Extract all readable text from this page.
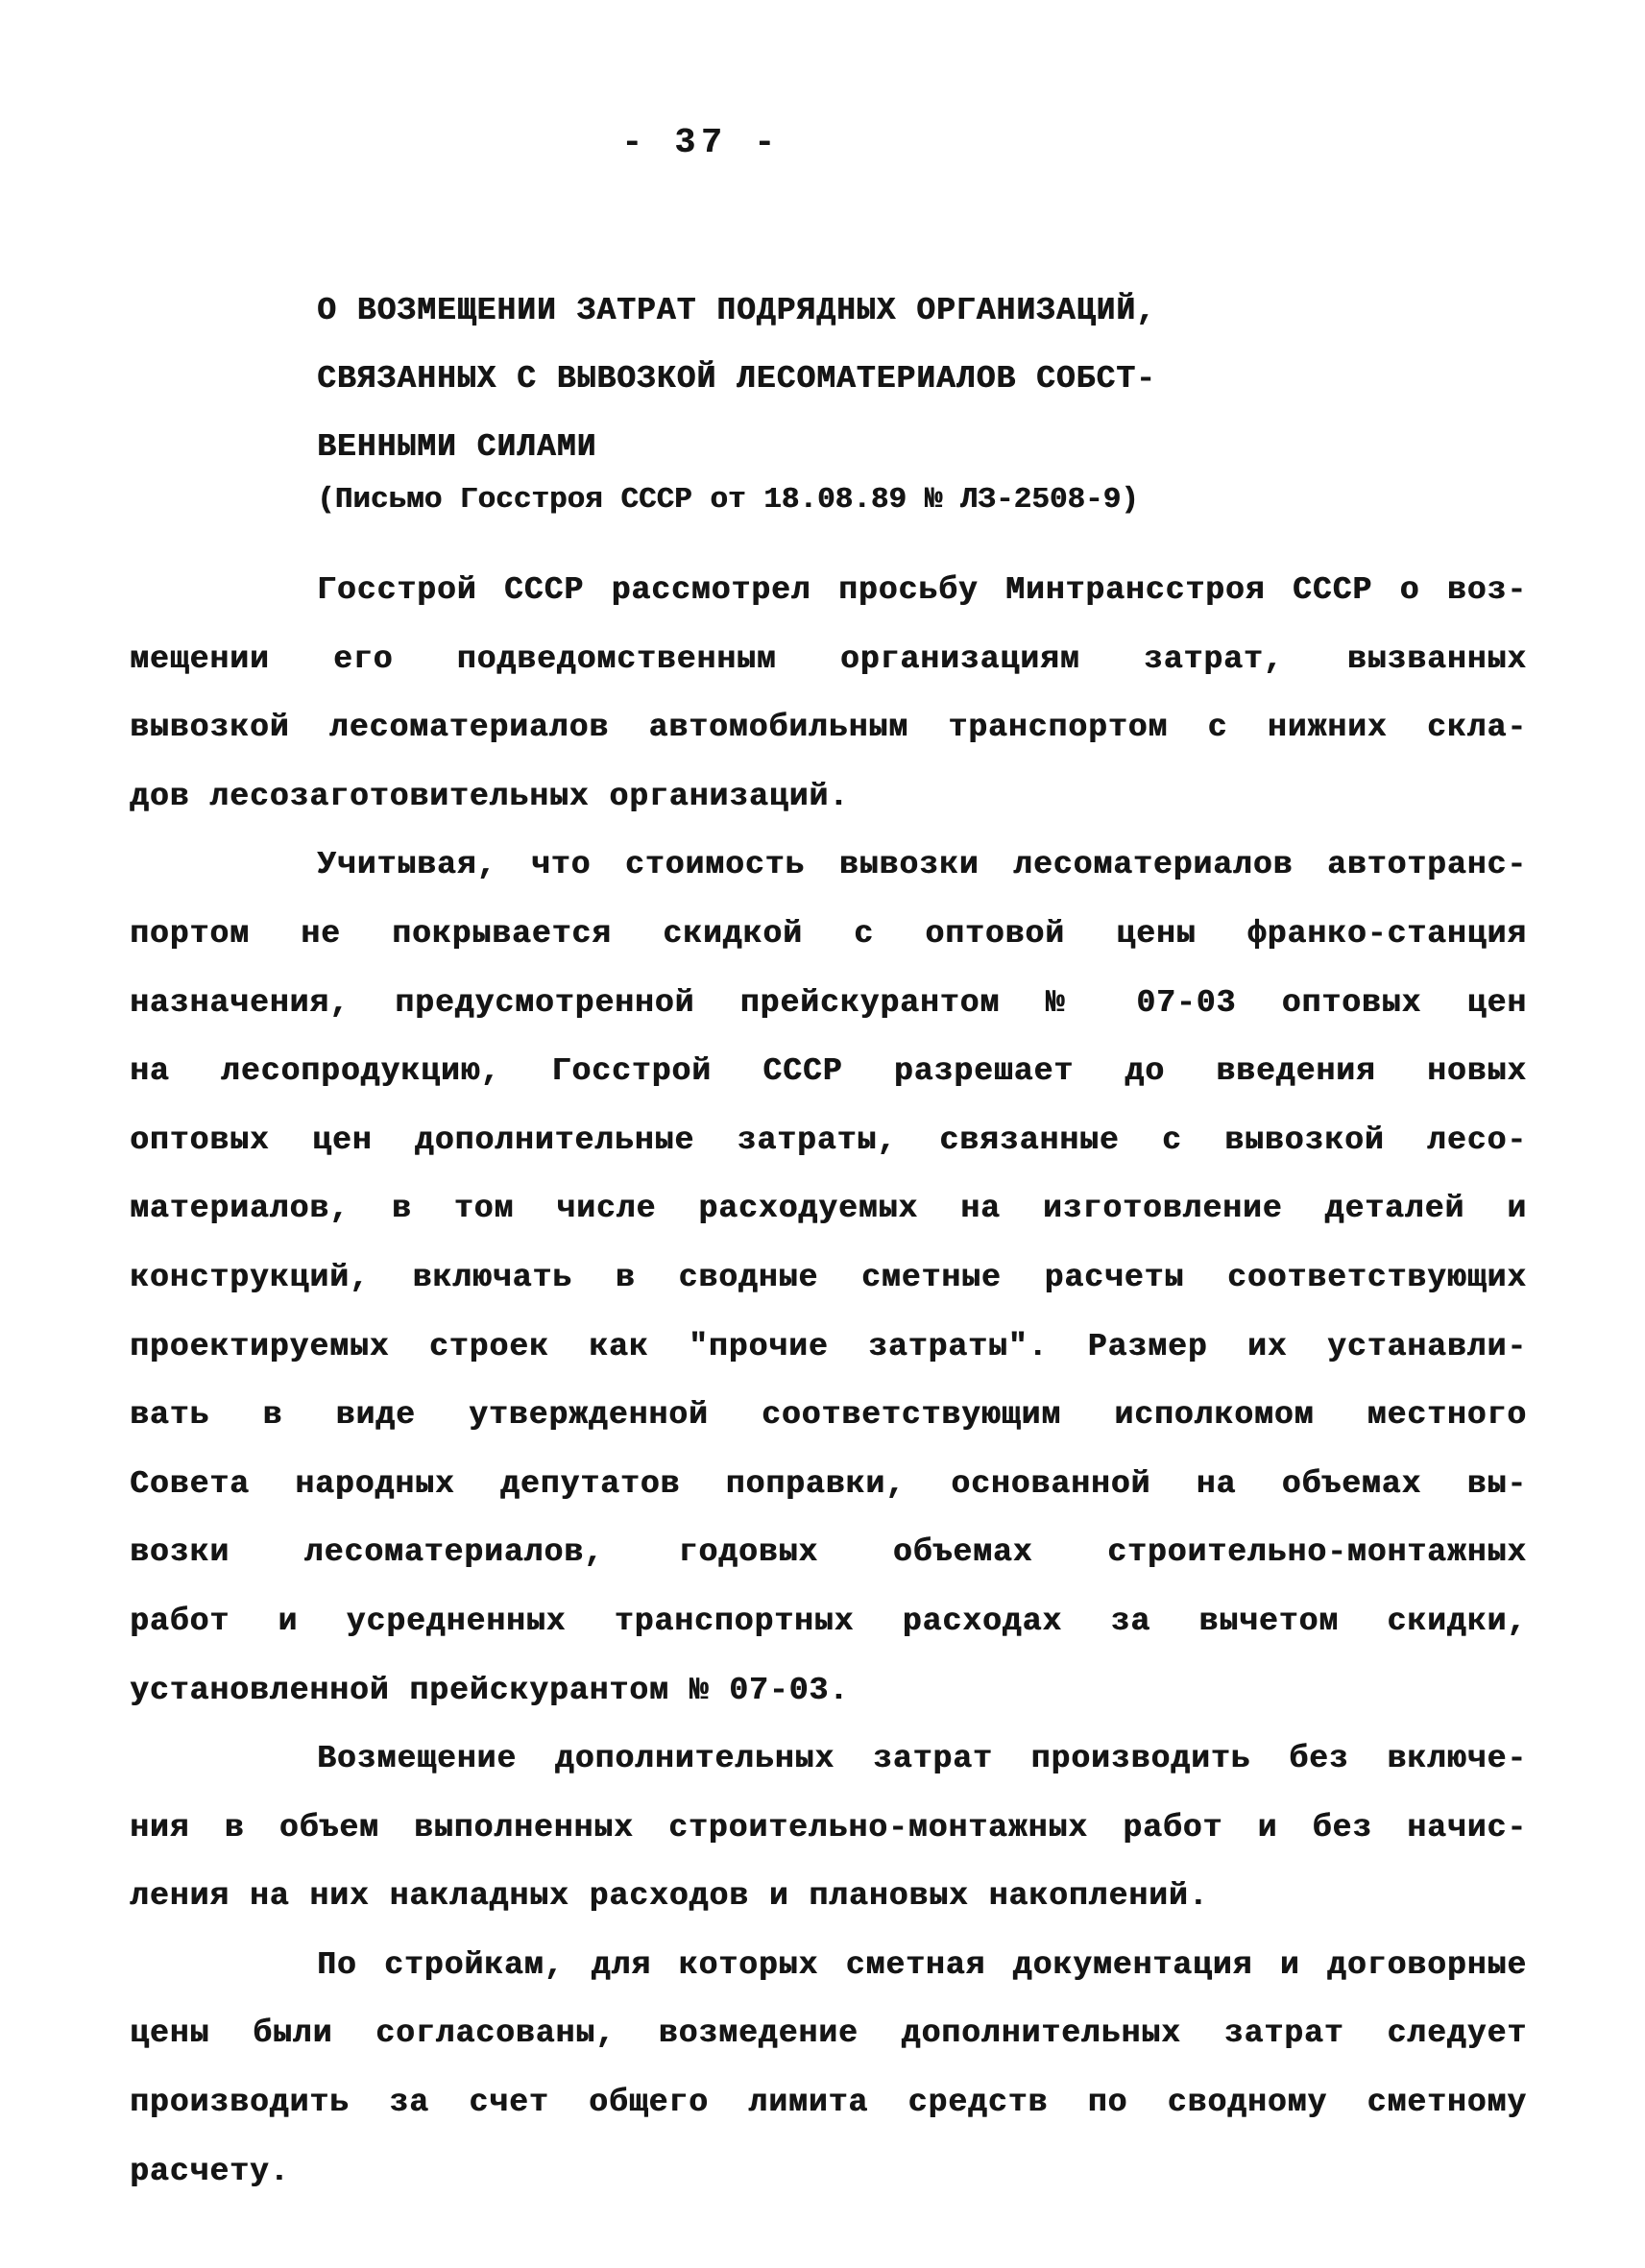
- 37 -
О ВОЗМЕЩЕНИИ ЗАТРАТ ПОДРЯДНЫХ ОРГАНИЗАЦИЙ,
СВЯЗАННЫХ С ВЫВОЗКОЙ ЛЕСОМАТЕРИАЛОВ СОБСТ-
ВЕННЫМИ СИЛАМИ
(Письмо Госстроя СССР от 18.08.89 № ЛЗ-2508-9)
Госстрой СССР рассмотрел просьбу Минтрансстроя СССР о воз-
мещении его подведомственным организациям затрат, вызванных
вывозкой лесоматериалов автомобильным транспортом с нижних скла-
дов лесозаготовительных организаций.
Учитывая, что стоимость вывозки лесоматериалов автотранс-
портом не покрывается скидкой с оптовой цены франко-станция
назначения, предусмотренной прейскурантом № 07-03 оптовых цен
на лесопродукцию, Госстрой СССР разрешает до введения новых
оптовых цен дополнительные затраты, связанные с вывозкой лесо-
материалов, в том числе расходуемых на изготовление деталей и
конструкций, включать в сводные сметные расчеты соответствующих
проектируемых строек как "прочие затраты". Размер их устанавли-
вать в виде утвержденной соответствующим исполкомом местного
Совета народных депутатов поправки, основанной на объемах вы-
возки лесоматериалов, годовых объемах строительно-монтажных
работ и усредненных транспортных расходах за вычетом скидки,
установленной прейскурантом № 07-03.
Возмещение дополнительных затрат производить без включе-
ния в объем выполненных строительно-монтажных работ и без начис-
ления на них накладных расходов и плановых накоплений.
По стройкам, для которых сметная документация и договорные
цены были согласованы, возмедение дополнительных затрат следует
производить за счет общего лимита средств по сводному сметному
расчету.
